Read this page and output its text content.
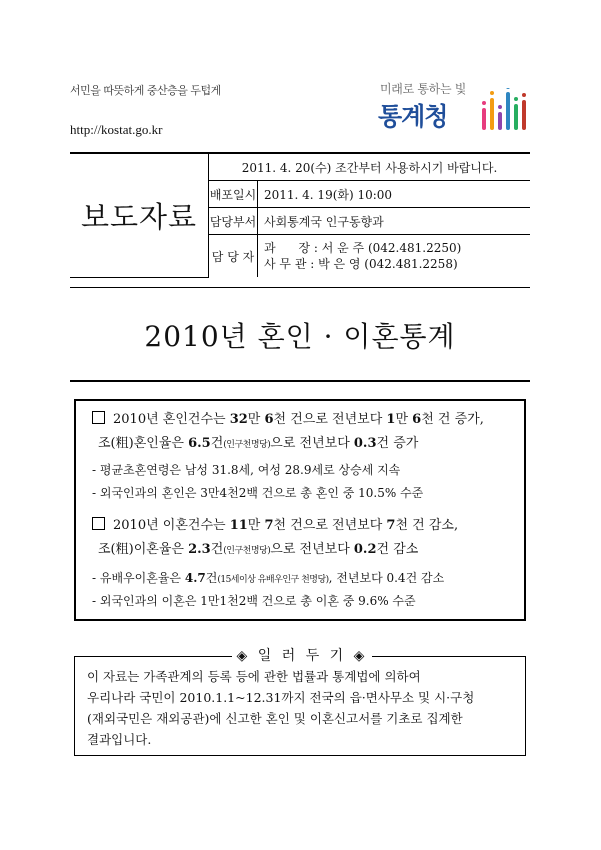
서민을 따뜻하게 중산층을 두텁게
http://kostat.go.kr
미래로 통하는 빛
통계청
보도자료	2011. 4. 20(수) 조간부터 사용하시기 바랍니다.	
	배포일시	2011. 4. 19(화) 10:00
	담당부서	사회통계국 인구동향과
	담 당 자	과      장 : 서 운 주 (042.481.2250)
사 무 관 : 박 은 영 (042.481.2258)
2010년 혼인 · 이혼통계
2010년 혼인건수는 32만 6천 건으로 전년보다 1만 6천 건 증가,
조(粗)혼인율은 6.5건(인구천명당)으로 전년보다 0.3건 증가
- 평균초혼연령은 남성 31.8세, 여성 28.9세로 상승세 지속
- 외국인과의 혼인은 3만4천2백 건으로 총 혼인 중 10.5% 수준
2010년 이혼건수는 11만 7천 건으로 전년보다 7천 건 감소,
조(粗)이혼율은 2.3건(인구천명당)으로 전년보다 0.2건 감소
- 유배우이혼율은 4.7건(15세이상 유배우인구 천명당), 전년보다 0.4건 감소
- 외국인과의 이혼은 1만1천2백 건으로 총 이혼 중 9.6% 수준
이 자료는 가족관계의 등록 등에 관한 법률과 통계법에 의하여
우리나라 국민이 2010.1.1~12.31까지 전국의 읍·면사무소 및 시·구청
(재외국민은 재외공관)에 신고한 혼인 및 이혼신고서를 기초로 집계한
결과입니다.
◈ 일 러 두 기 ◈
